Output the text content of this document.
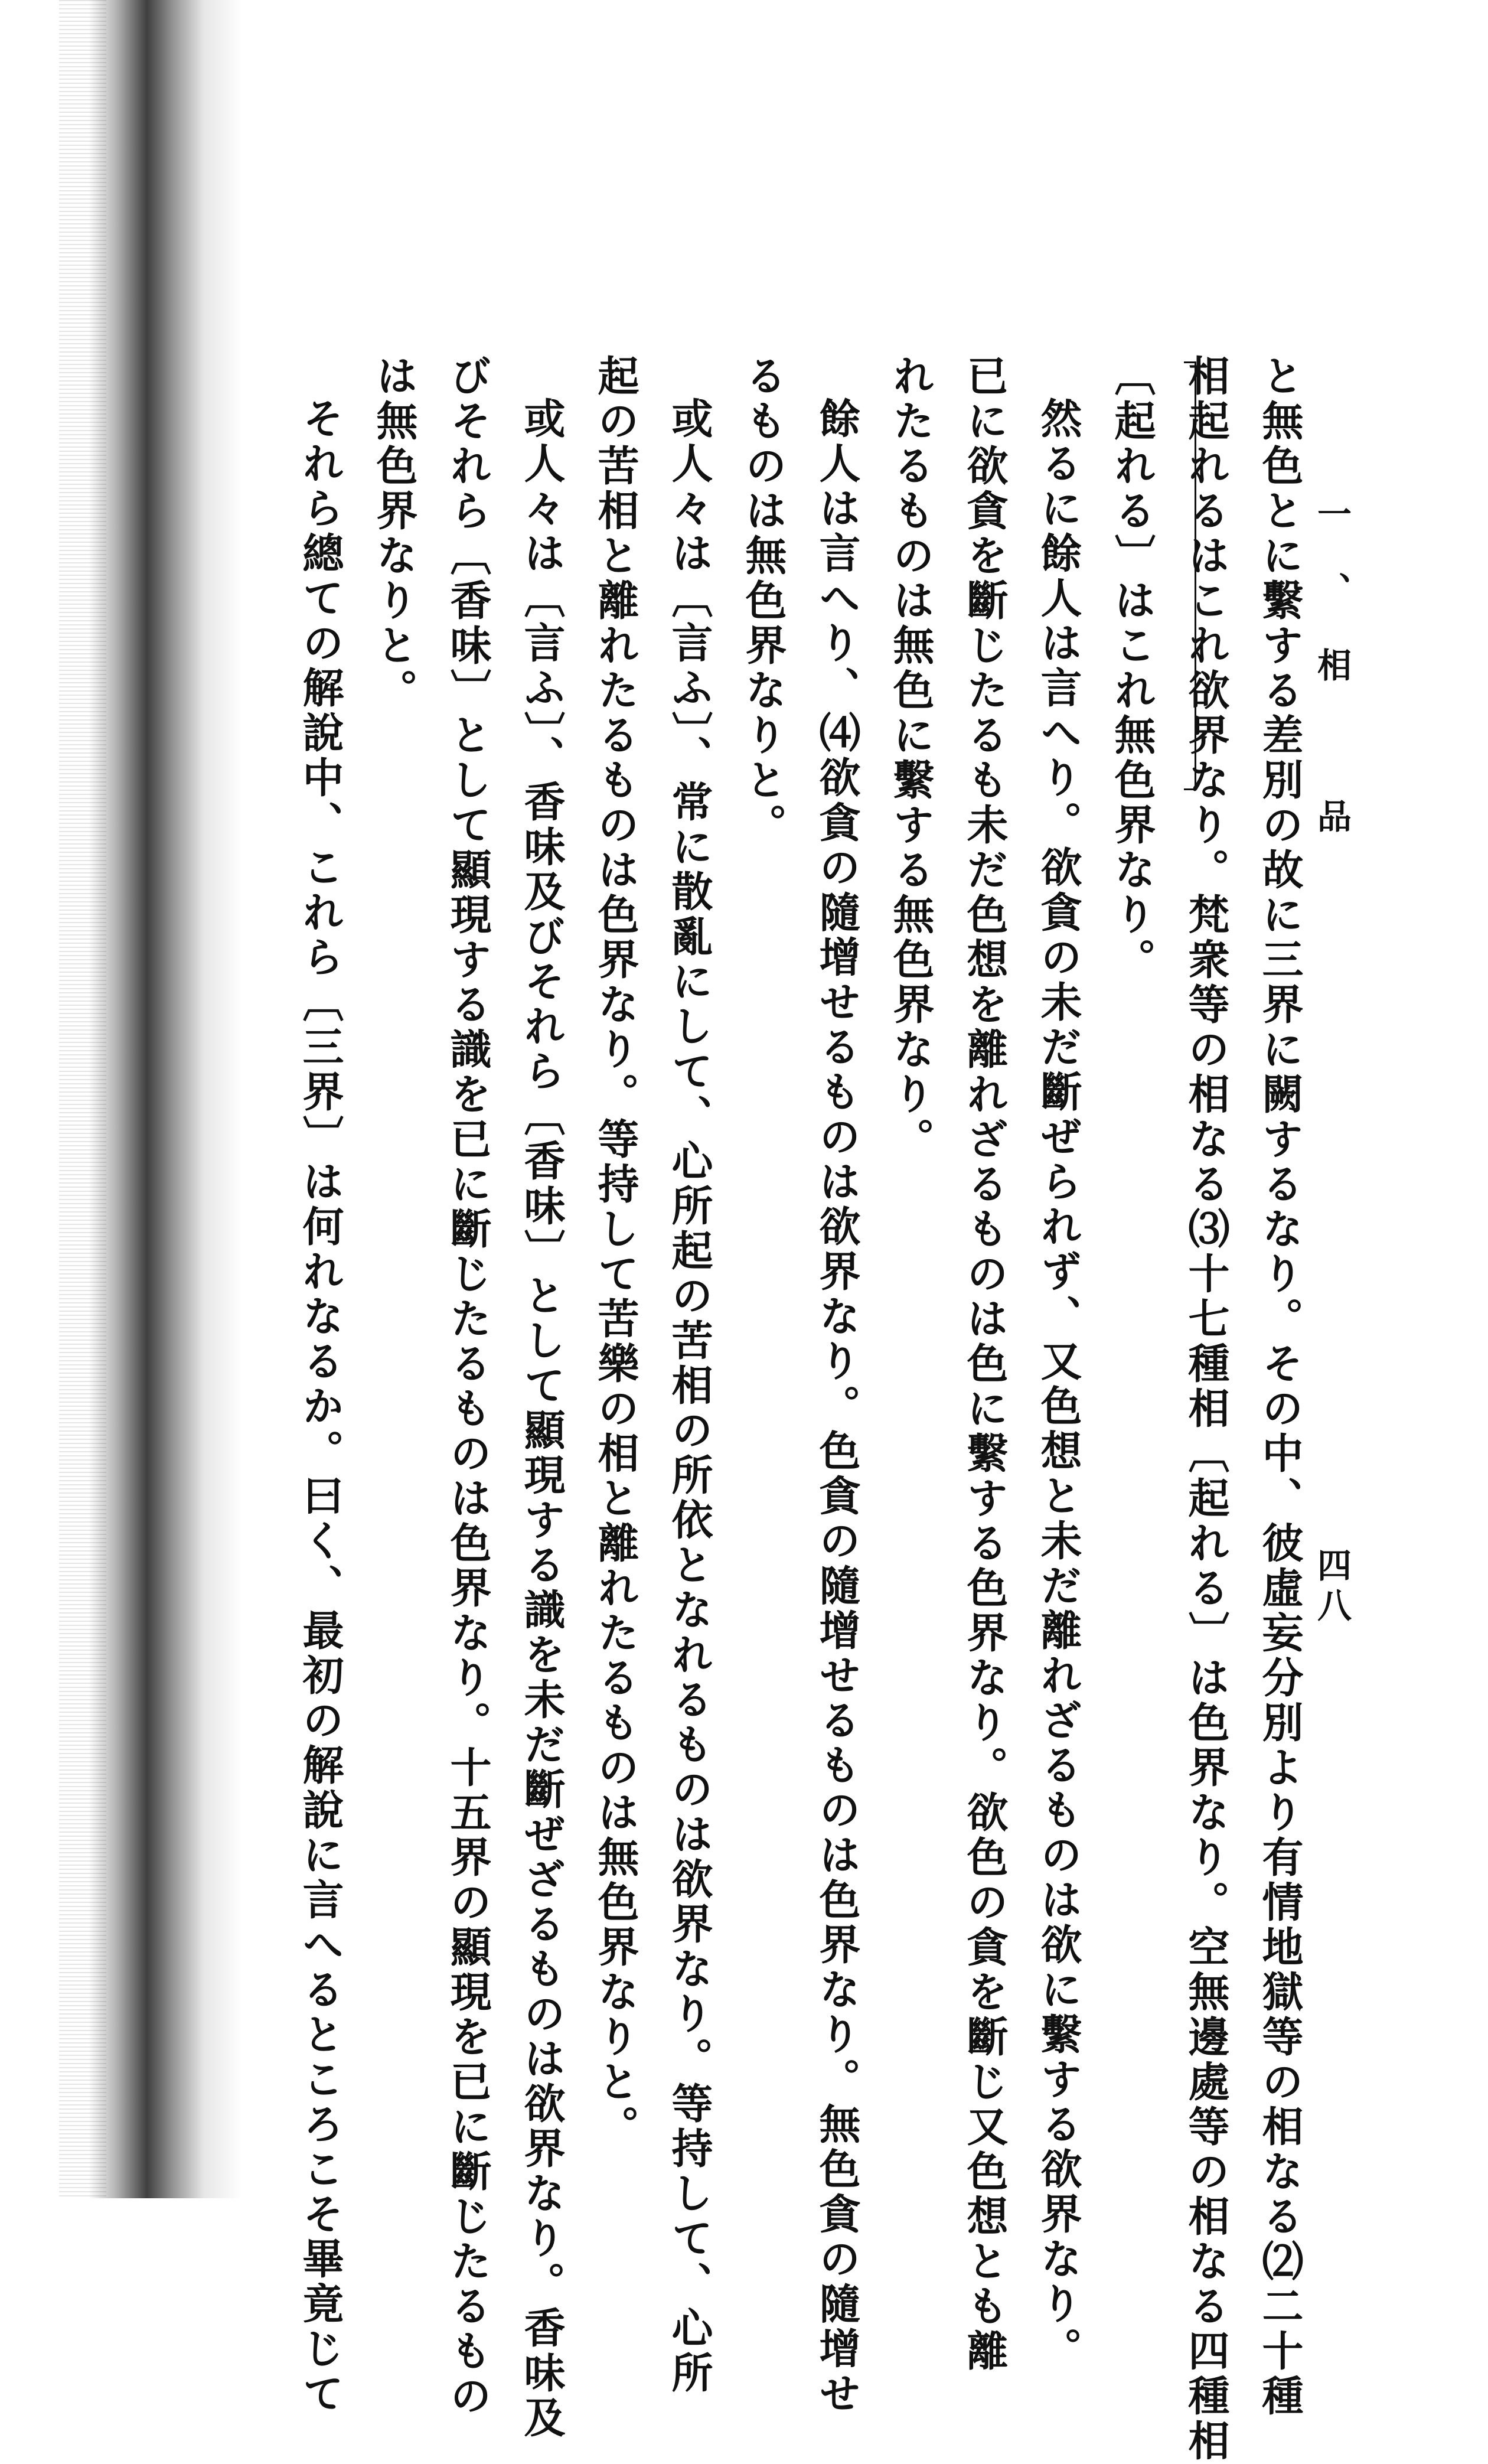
一、相　品
四八
と無色とに繫する差別の故に三界に闕するなり。その中、彼虛妄分別より有情地獄等の相なる⑵二十種
相起れるはこれ欲界なり。梵衆等の相なる⑶十七種相〔起れる〕は色界なり。空無邊處等の相なる四種相
〔起れる〕はこれ無色界なり。
然るに餘人は言へり。欲貪の未だ斷ぜられず、又色想と未だ離れざるものは欲に繫する欲界なり。
已に欲貪を斷じたるも未だ色想を離れざるものは色に繫する色界なり。欲色の貪を斷じ又色想とも離
れたるものは無色に繫する無色界なり。
餘人は言へり、⑷欲貪の隨增せるものは欲界なり。色貪の隨增せるものは色界なり。無色貪の隨增せ
るものは無色界なりと。
或人々は〔言ふ〕、常に散亂にして、心所起の苦相の所依となれるものは欲界なり。等持して、心所
起の苦相と離れたるものは色界なり。等持して苦樂の相と離れたるものは無色界なりと。
或人々は〔言ふ〕、香味及びそれら〔香味〕として顯現する識を未だ斷ぜざるものは欲界なり。香味及
びそれら〔香味〕として顯現する識を已に斷じたるものは色界なり。十五界の顯現を已に斷じたるもの
は無色界なりと。
それら總ての解說中、これら〔三界〕は何れなるか。曰く、最初の解說に言へるところこそ畢竟じて
